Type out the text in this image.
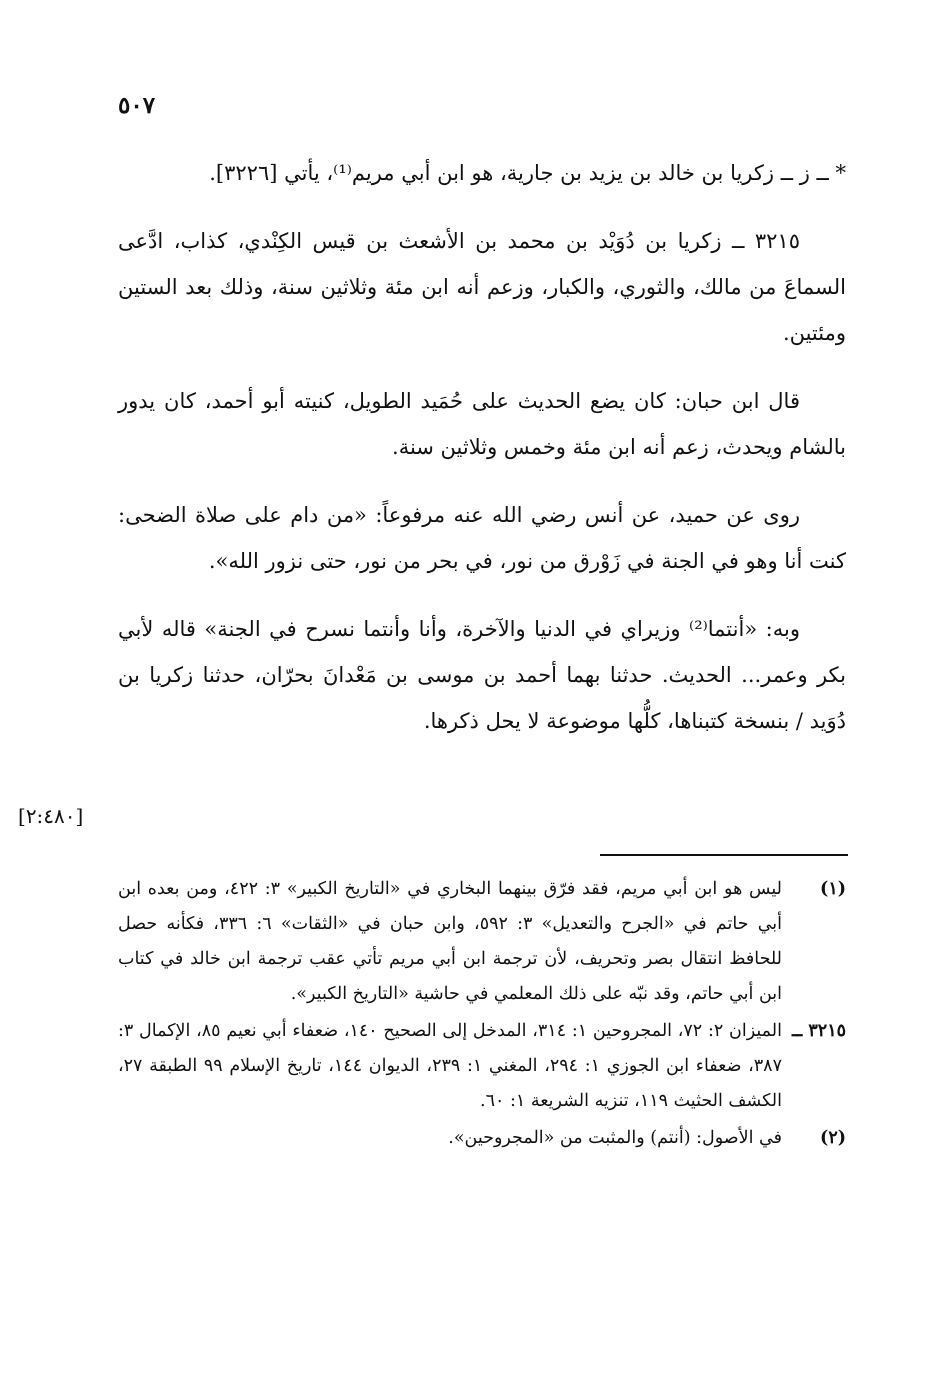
٥٠٧

* ــ ز ــ زكريا بن خالد بن يزيد بن جارية، هو ابن أبي مريم⁽¹⁾، يأتي [٣٢٢٦].

٣٢١٥ ــ زكريا بن دُوَيْد بن محمد بن الأشعث بن قيس الكِنْدي، كذاب، ادَّعى السماعَ من مالك، والثوري، والكبار، وزعم أنه ابن مئة وثلاثين سنة، وذلك بعد الستين ومئتين.

قال ابن حبان: كان يضع الحديث على حُمَيد الطويل، كنيته أبو أحمد، كان يدور بالشام ويحدث، زعم أنه ابن مئة وخمس وثلاثين سنة.

روى عن حميد، عن أنس رضي الله عنه مرفوعاً: «من دام على صلاة الضحى: كنت أنا وهو في الجنة في زَوْرق من نور، في بحر من نور، حتى نزور الله».

وبه: «أنتما⁽²⁾ وزيراي في الدنيا والآخرة، وأنا وأنتما نسرح في الجنة» قاله لأبي بكر وعمر... الحديث. حدثنا بهما أحمد بن موسى بن مَعْدانَ بحرّان، حدثنا زكريا بن دُوَيد / بنسخة كتبناها، كلُّها موضوعة لا يحل ذكرها.

[٢:٤٨٠]
(١)
ليس هو ابن أبي مريم، فقد فرّق بينهما البخاري في «التاريخ الكبير» ٣: ٤٢٢، ومن بعده ابن أبي حاتم في «الجرح والتعديل» ٣: ٥٩٢، وابن حبان في «الثقات» ٦: ٣٣٦، فكأنه حصل للحافظ انتقال بصر وتحريف، لأن ترجمة ابن أبي مريم تأتي عقب ترجمة ابن خالد في كتاب ابن أبي حاتم، وقد نبّه على ذلك المعلمي في حاشية «التاريخ الكبير».
٣٢١٥ ــ
الميزان ٢: ٧٢، المجروحين ١: ٣١٤، المدخل إلى الصحيح ١٤٠، ضعفاء أبي نعيم ٨٥، الإكمال ٣: ٣٨٧، ضعفاء ابن الجوزي ١: ٢٩٤، المغني ١: ٢٣٩، الديوان ١٤٤، تاريخ الإسلام ٩٩ الطبقة ٢٧، الكشف الحثيث ١١٩، تنزيه الشريعة ١: ٦٠.
(٢)
في الأصول: (أنتم) والمثبت من «المجروحين».
